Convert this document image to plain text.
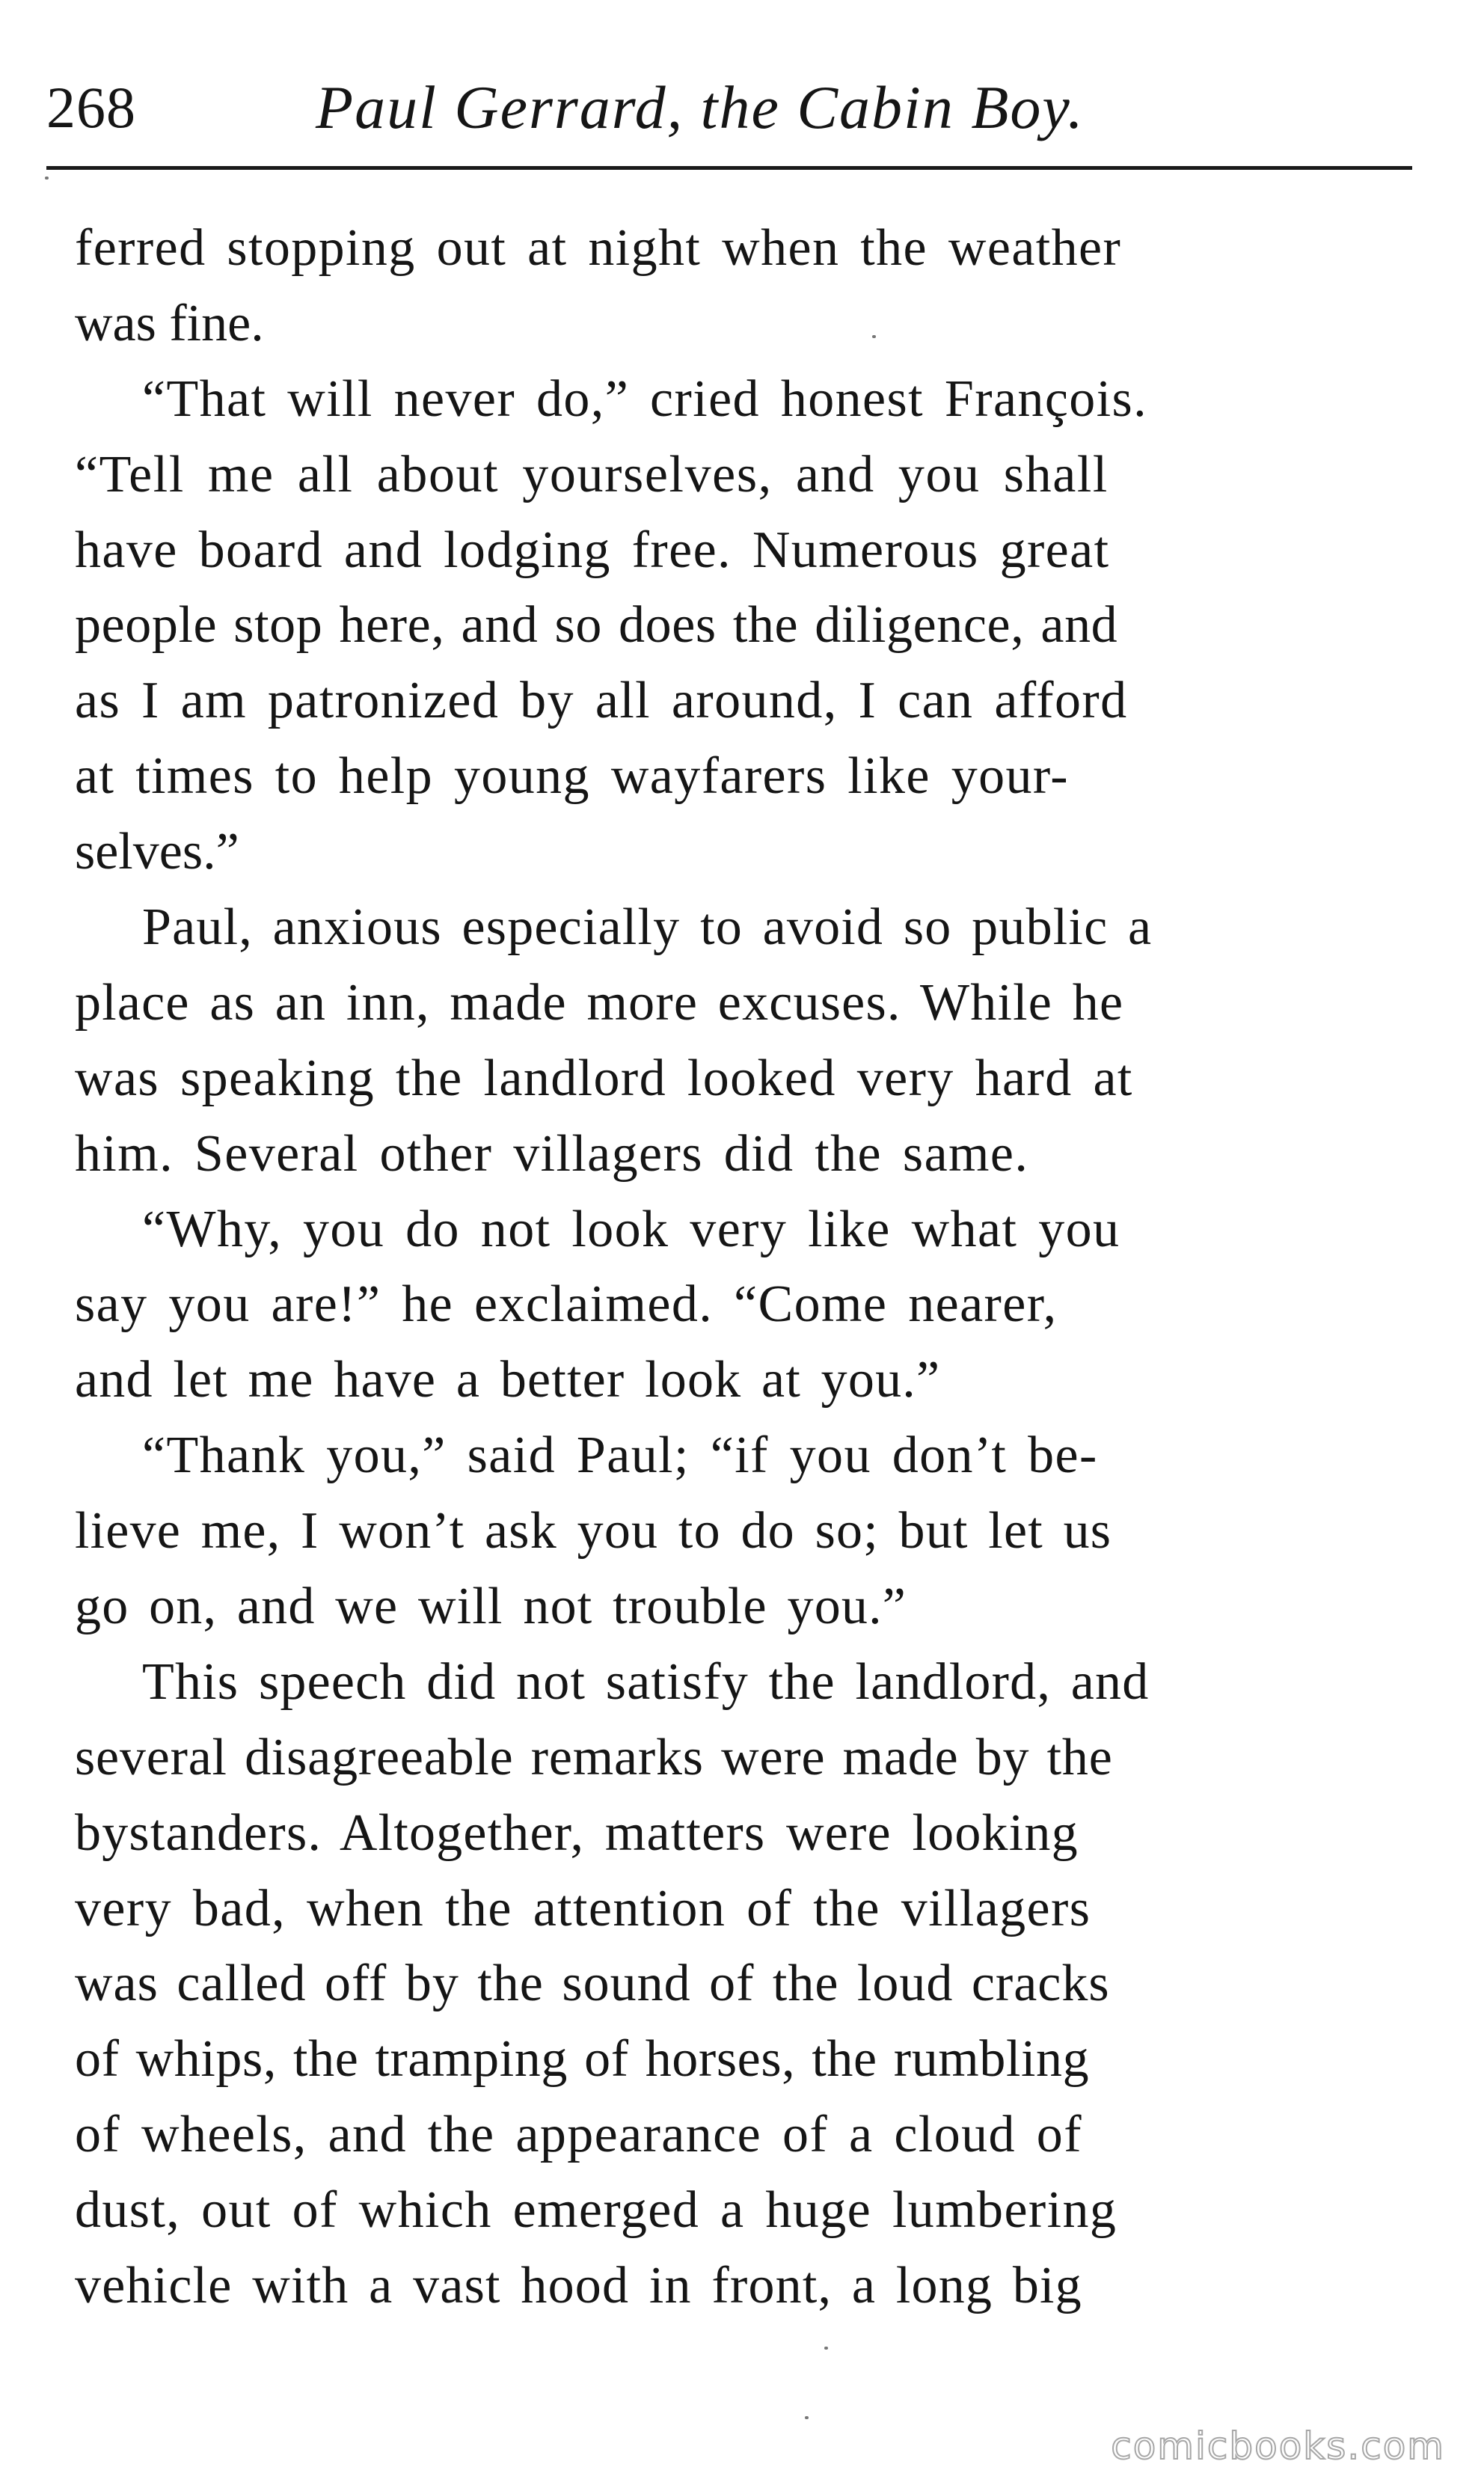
268	Paul Gerrard, the Cabin Boy.
ferred stopping out at night when the weather
was fine.
“That will never do,” cried honest François.
“Tell me all about yourselves, and you shall
have board and lodging free. Numerous great
people stop here, and so does the diligence, and
as I am patronized by all around, I can afford
at times to help young wayfarers like your-
selves.”
Paul, anxious especially to avoid so public a
place as an inn, made more excuses. While he
was speaking the landlord looked very hard at
him. Several other villagers did the same.
“Why, you do not look very like what you
say you are!” he exclaimed. “Come nearer,
and let me have a better look at you.”
“Thank you,” said Paul; “if you don’t be-
lieve me, I won’t ask you to do so; but let us
go on, and we will not trouble you.”
This speech did not satisfy the landlord, and
several disagreeable remarks were made by the
bystanders. Altogether, matters were looking
very bad, when the attention of the villagers
was called off by the sound of the loud cracks
of whips, the tramping of horses, the rumbling
of wheels, and the appearance of a cloud of
dust, out of which emerged a huge lumbering
vehicle with a vast hood in front, a long big
comicbooks.com
